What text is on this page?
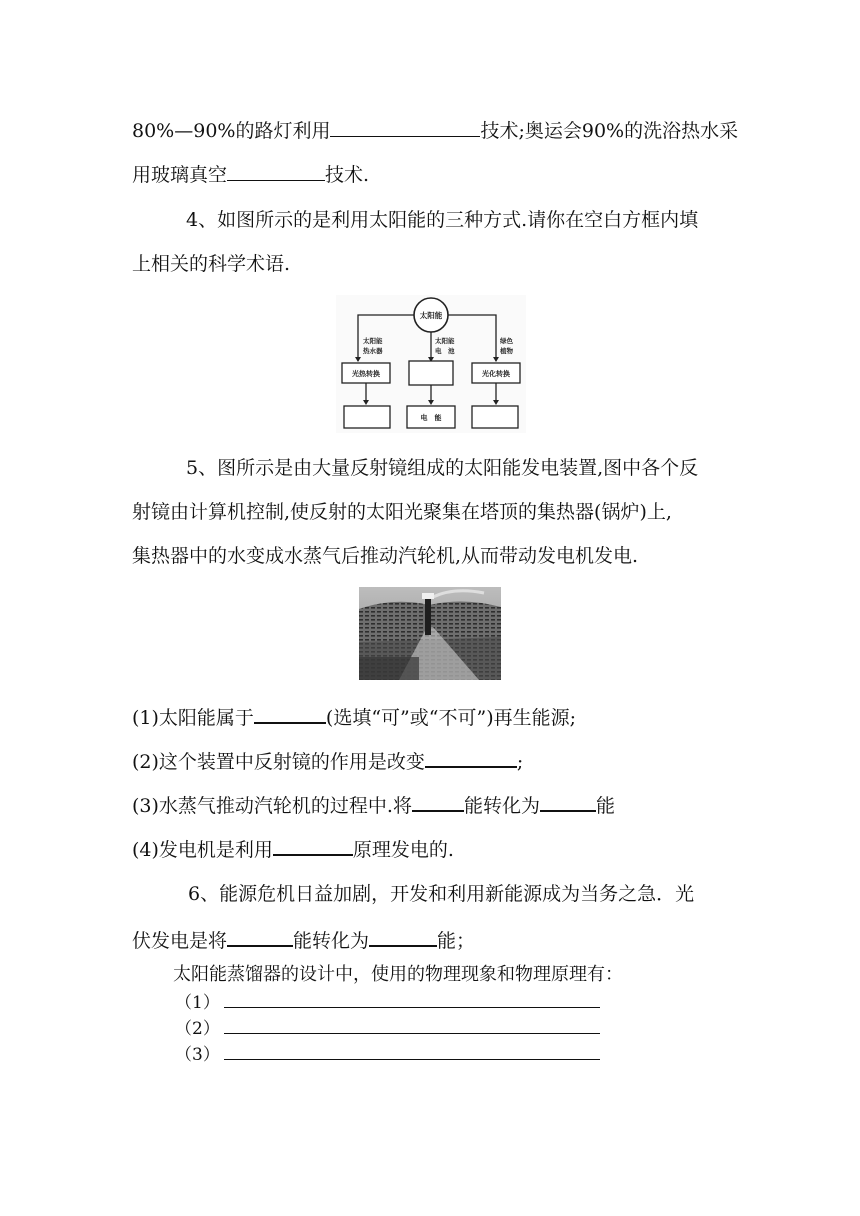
80%—90%的路灯利用	技术;奥运会90%的洗浴热水采
用玻璃真空	技术.
4、如图所示的是利用太阳能的三种方式.请你在空白方框内填
上相关的科学术语.
太阳能
太阳能
热水器
太阳能
电　池
绿色
植物
光热转换	光化转换
电　能
5、图所示是由大量反射镜组成的太阳能发电装置,图中各个反
射镜由计算机控制,使反射的太阳光聚集在塔顶的集热器(锅炉)上,
集热器中的水变成水蒸气后推动汽轮机,从而带动发电机发电.
(1)太阳能属于	(选填“可”或“不可”)再生能源;
(2)这个装置中反射镜的作用是改变	;
(3)水蒸气推动汽轮机的过程中.将	能转化为	能
(4)发电机是利用	原理发电的.
6、能源危机日益加剧，开发和利用新能源成为当务之急．光
伏发电是将	能转化为	能；
太阳能蒸馏器的设计中，使用的物理现象和物理原理有：
（1）
（2）
（3）
